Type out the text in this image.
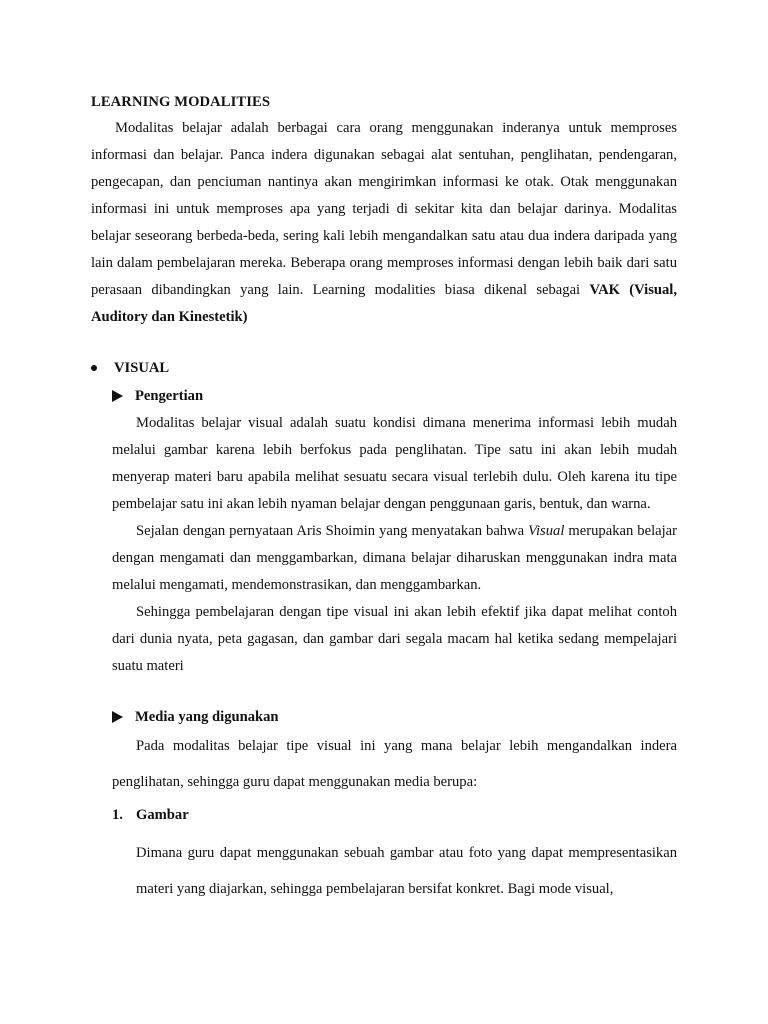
LEARNING MODALITIES

Modalitas belajar adalah berbagai cara orang menggunakan inderanya untuk memproses informasi dan belajar. Panca indera digunakan sebagai alat sentuhan, penglihatan, pendengaran, pengecapan, dan penciuman nantinya akan mengirimkan informasi ke otak. Otak menggunakan informasi ini untuk memproses apa yang terjadi di sekitar kita dan belajar darinya. Modalitas belajar seseorang berbeda-beda, sering kali lebih mengandalkan satu atau dua indera daripada yang lain dalam pembelajaran mereka. Beberapa orang memproses informasi dengan lebih baik dari satu perasaan dibandingkan yang lain. Learning modalities biasa dikenal sebagai VAK (Visual, Auditory dan Kinestetik)

VISUAL
Pengertian

Modalitas belajar visual adalah suatu kondisi dimana menerima informasi lebih mudah melalui gambar karena lebih berfokus pada penglihatan. Tipe satu ini akan lebih mudah menyerap materi baru apabila melihat sesuatu secara visual terlebih dulu. Oleh karena itu tipe pembelajar satu ini akan lebih nyaman belajar dengan penggunaan garis, bentuk, dan warna.

Sejalan dengan pernyataan Aris Shoimin yang menyatakan bahwa Visual merupakan belajar dengan mengamati dan menggambarkan, dimana belajar diharuskan menggunakan indra mata melalui mengamati, mendemonstrasikan, dan menggambarkan.

Sehingga pembelajaran dengan tipe visual ini akan lebih efektif jika dapat melihat contoh dari dunia nyata, peta gagasan, dan gambar dari segala macam hal ketika sedang mempelajari suatu materi

Media yang digunakan

Pada modalitas belajar tipe visual ini yang mana belajar lebih mengandalkan indera penglihatan, sehingga guru dapat menggunakan media berupa:

1. Gambar

Dimana guru dapat menggunakan sebuah gambar atau foto yang dapat mempresentasikan materi yang diajarkan, sehingga pembelajaran bersifat konkret. Bagi mode visual,
